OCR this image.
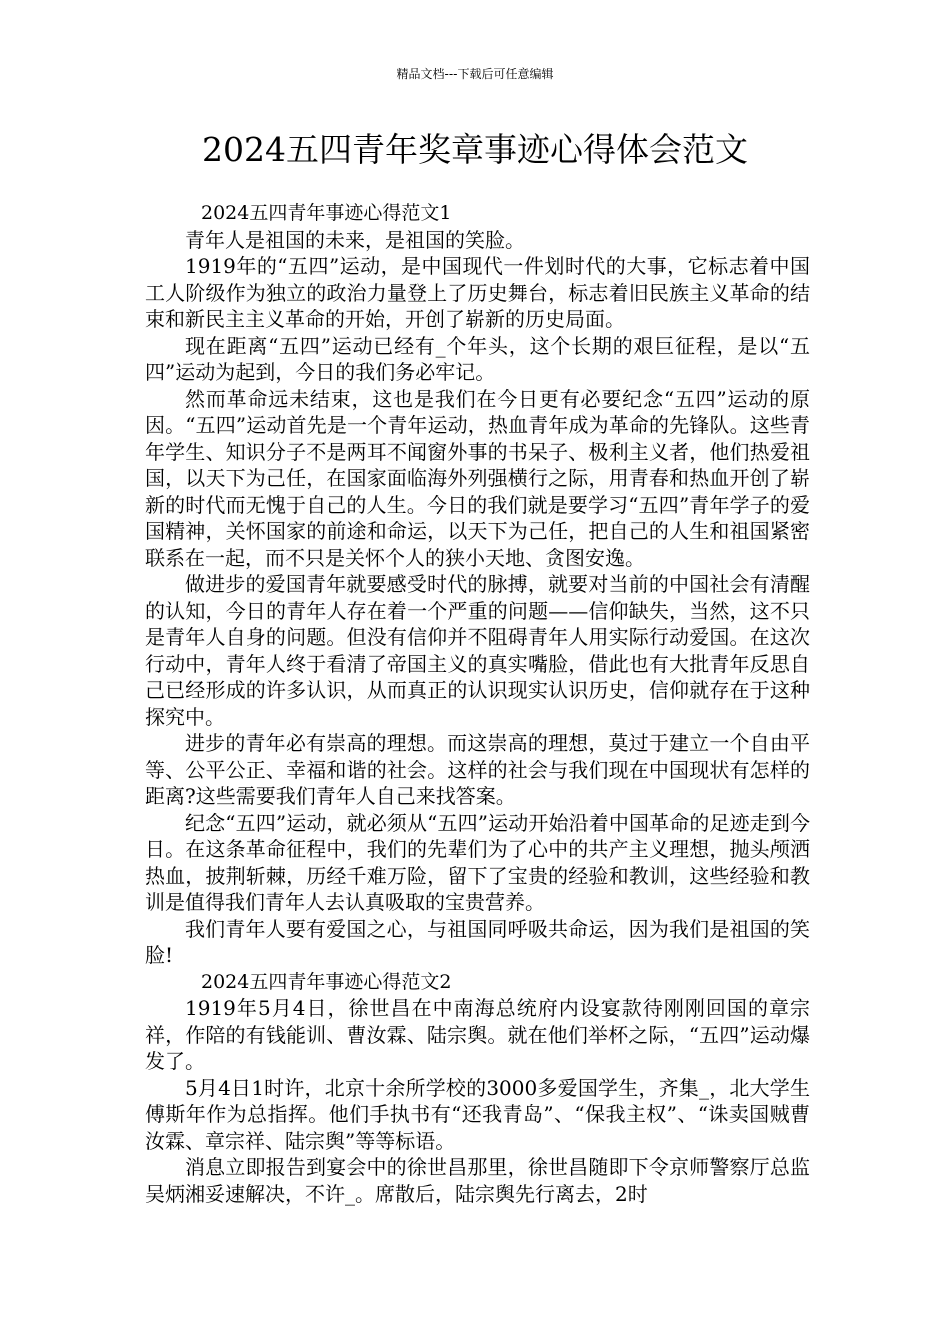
精品文档---下载后可任意编辑
2024五四青年奖章事迹心得体会范文
2024五四青年事迹心得范文1

青年人是祖国的未来，是祖国的笑脸。

1919年的“五四”运动，是中国现代一件划时代的大事，它标志着中国工人阶级作为独立的政治力量登上了历史舞台，标志着旧民族主义革命的结束和新民主主义革命的开始，开创了崭新的历史局面。

现在距离“五四”运动已经有_个年头，这个长期的艰巨征程，是以“五四”运动为起到，今日的我们务必牢记。

然而革命远未结束，这也是我们在今日更有必要纪念“五四”运动的原因。“五四”运动首先是一个青年运动，热血青年成为革命的先锋队。这些青年学生、知识分子不是两耳不闻窗外事的书呆子、极利主义者，他们热爱祖国，以天下为己任，在国家面临海外列强横行之际，用青春和热血开创了崭新的时代而无愧于自己的人生。今日的我们就是要学习“五四”青年学子的爱国精神，关怀国家的前途和命运，以天下为己任，把自己的人生和祖国紧密联系在一起，而不只是关怀个人的狭小天地、贪图安逸。

做进步的爱国青年就要感受时代的脉搏，就要对当前的中国社会有清醒的认知，今日的青年人存在着一个严重的问题——信仰缺失，当然，这不只是青年人自身的问题。但没有信仰并不阻碍青年人用实际行动爱国。在这次行动中，青年人终于看清了帝国主义的真实嘴脸，借此也有大批青年反思自己已经形成的许多认识，从而真正的认识现实认识历史，信仰就存在于这种探究中。

进步的青年必有崇高的理想。而这崇高的理想，莫过于建立一个自由平等、公平公正、幸福和谐的社会。这样的社会与我们现在中国现状有怎样的距离?这些需要我们青年人自己来找答案。

纪念“五四”运动，就必须从“五四”运动开始沿着中国革命的足迹走到今日。在这条革命征程中，我们的先辈们为了心中的共产主义理想，抛头颅洒热血，披荆斩棘，历经千难万险，留下了宝贵的经验和教训，这些经验和教训是值得我们青年人去认真吸取的宝贵营养。

我们青年人要有爱国之心，与祖国同呼吸共命运，因为我们是祖国的笑脸!

2024五四青年事迹心得范文2

1919年5月4日，徐世昌在中南海总统府内设宴款待刚刚回国的章宗祥，作陪的有钱能训、曹汝霖、陆宗舆。就在他们举杯之际，“五四”运动爆发了。

5月4日1时许，北京十余所学校的3000多爱国学生，齐集_，北大学生傅斯年作为总指挥。他们手执书有“还我青岛”、“保我主权”、“诛卖国贼曹汝霖、章宗祥、陆宗舆”等等标语。

消息立即报告到宴会中的徐世昌那里，徐世昌随即下令京师警察厅总监吴炳湘妥速解决，不许_。席散后，陆宗舆先行离去，2时
